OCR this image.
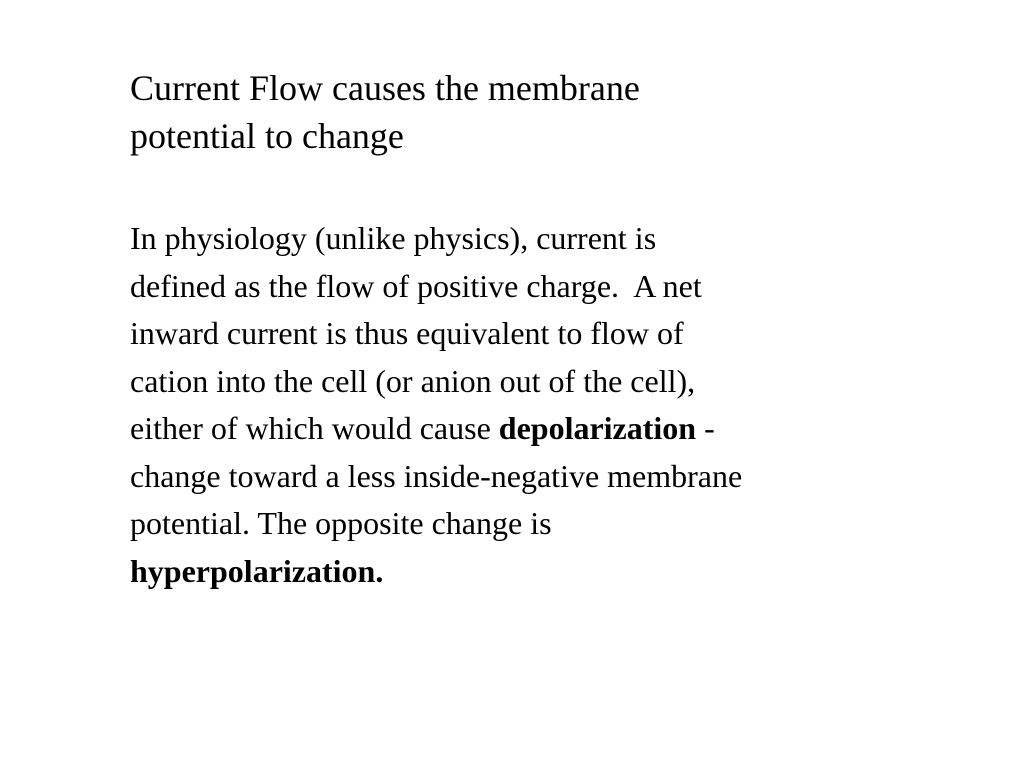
Current Flow causes the membrane
potential to change

In physiology (unlike physics), current is
defined as the flow of positive charge.  A net
inward current is thus equivalent to flow of
cation into the cell (or anion out of the cell),
either of which would cause depolarization -
change toward a less inside-negative membrane
potential. The opposite change is
hyperpolarization.
